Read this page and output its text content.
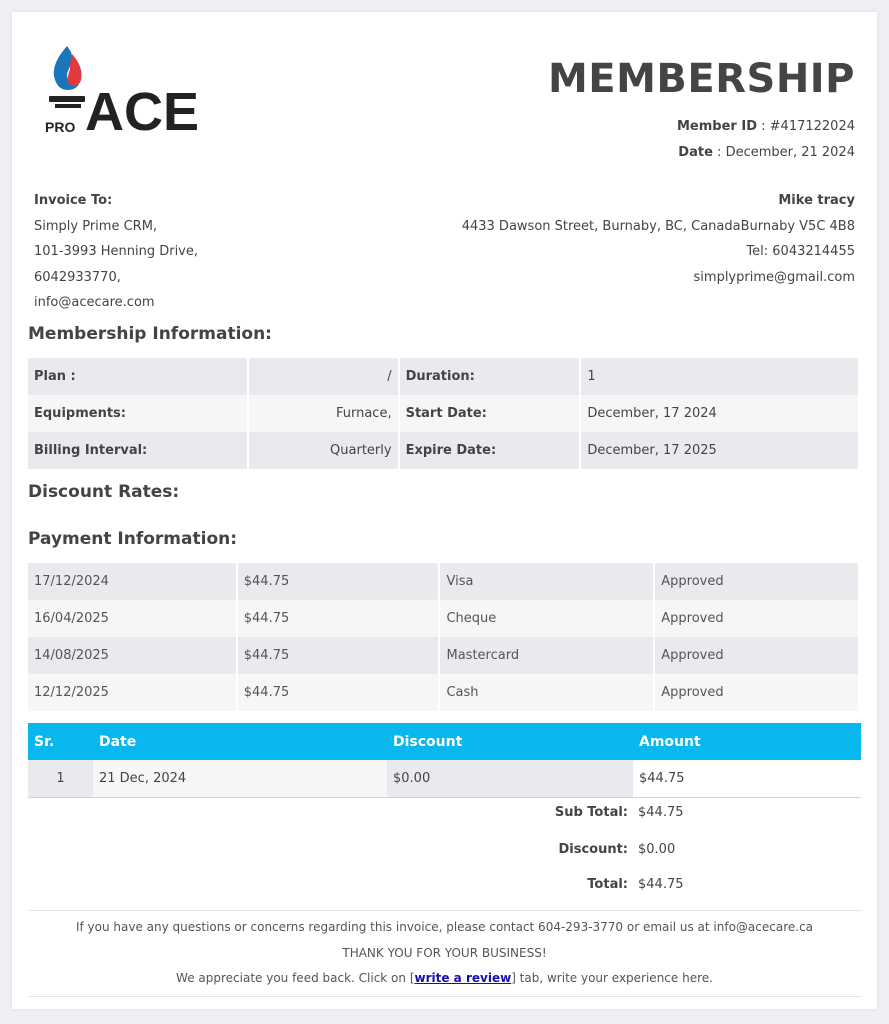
PRO ACE
MEMBERSHIP
Member ID : #417122024
Date : December, 21 2024
Invoice To:
Simply Prime CRM,
101-3993 Henning Drive,
6042933770,
info@acecare.com
Mike tracy
4433 Dawson Street, Burnaby, BC, CanadaBurnaby V5C 4B8
Tel: 6043214455
simplyprime@gmail.com
Membership Information:
Plan :	/	Duration:	1
Equipments:	Furnace,	Start Date:	December, 17 2024
Billing Interval:	Quarterly	Expire Date:	December, 17 2025
Discount Rates:
Payment Information:
17/12/2024	$44.75	Visa	Approved
16/04/2025	$44.75	Cheque	Approved
14/08/2025	$44.75	Mastercard	Approved
12/12/2025	$44.75	Cash	Approved
Sr.	Date	Discount	Amount
1	21 Dec, 2024	$0.00	$44.75
Sub Total: $44.75
Discount: $0.00
Total: $44.75
If you have any questions or concerns regarding this invoice, please contact 604-293-3770 or email us at info@acecare.ca
THANK YOU FOR YOUR BUSINESS!
We appreciate you feed back. Click on [write a review] tab, write your experience here.
